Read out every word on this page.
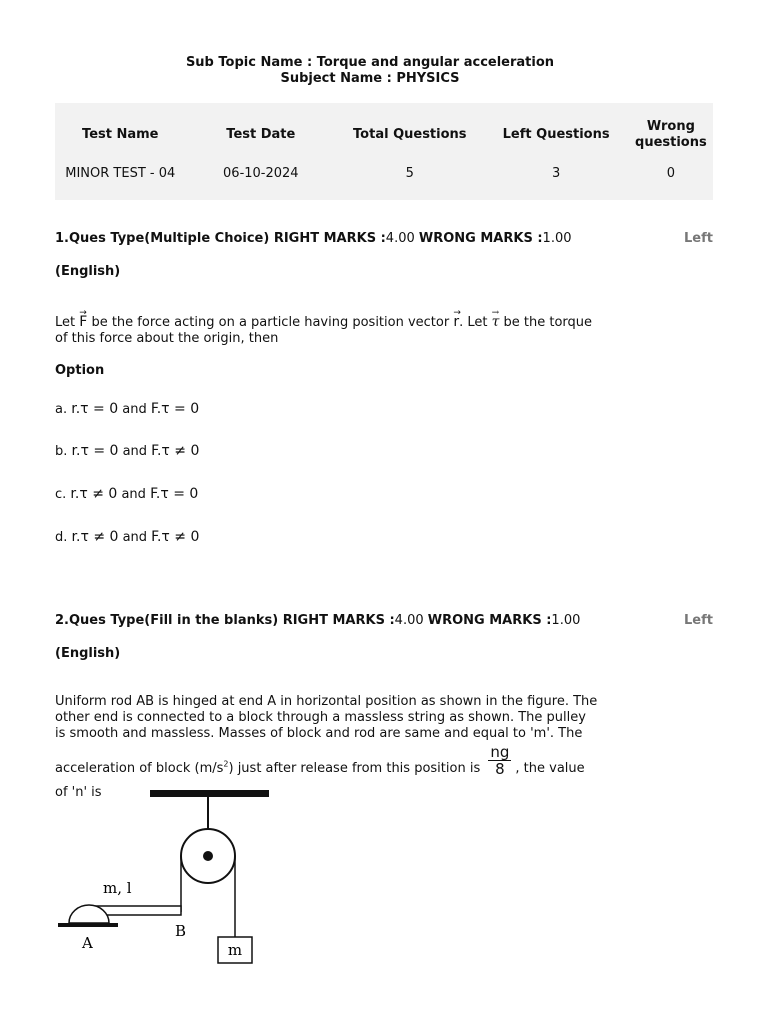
Sub Topic Name : Torque and angular acceleration
Subject Name : PHYSICS
Test Name	Test Date	Total Questions	Left Questions	Wrong questions
MINOR TEST - 04	06-10-2024	5	3	0
1.Ques Type(Multiple Choice) RIGHT MARKS :4.00 WRONG MARKS :1.00	Left
(English)
Let → F be the force acting on a particle having position vector → r. Let → τ be the torque of this force about the origin, then
Option
a.
r.τ = 0
and
F.τ = 0
b.
r.τ = 0
and
F.τ ≠ 0
c.
r.τ ≠ 0
and
F.τ = 0
d.
r.τ ≠ 0
and
F.τ ≠ 0
2.Ques Type(Fill in the blanks) RIGHT MARKS :4.00 WRONG MARKS :1.00	Left
(English)
Uniform rod AB is hinged at end A in horizontal position as shown in the figure. The other end is connected to a block through a massless string as shown. The pulley is smooth and massless. Masses of block and rod are same and equal to 'm'. The
acceleration of block $(m/s^2)$ just after release from this position is $\frac{ng}{8}$ , the value of 'n' is
m
m, l
A
B
